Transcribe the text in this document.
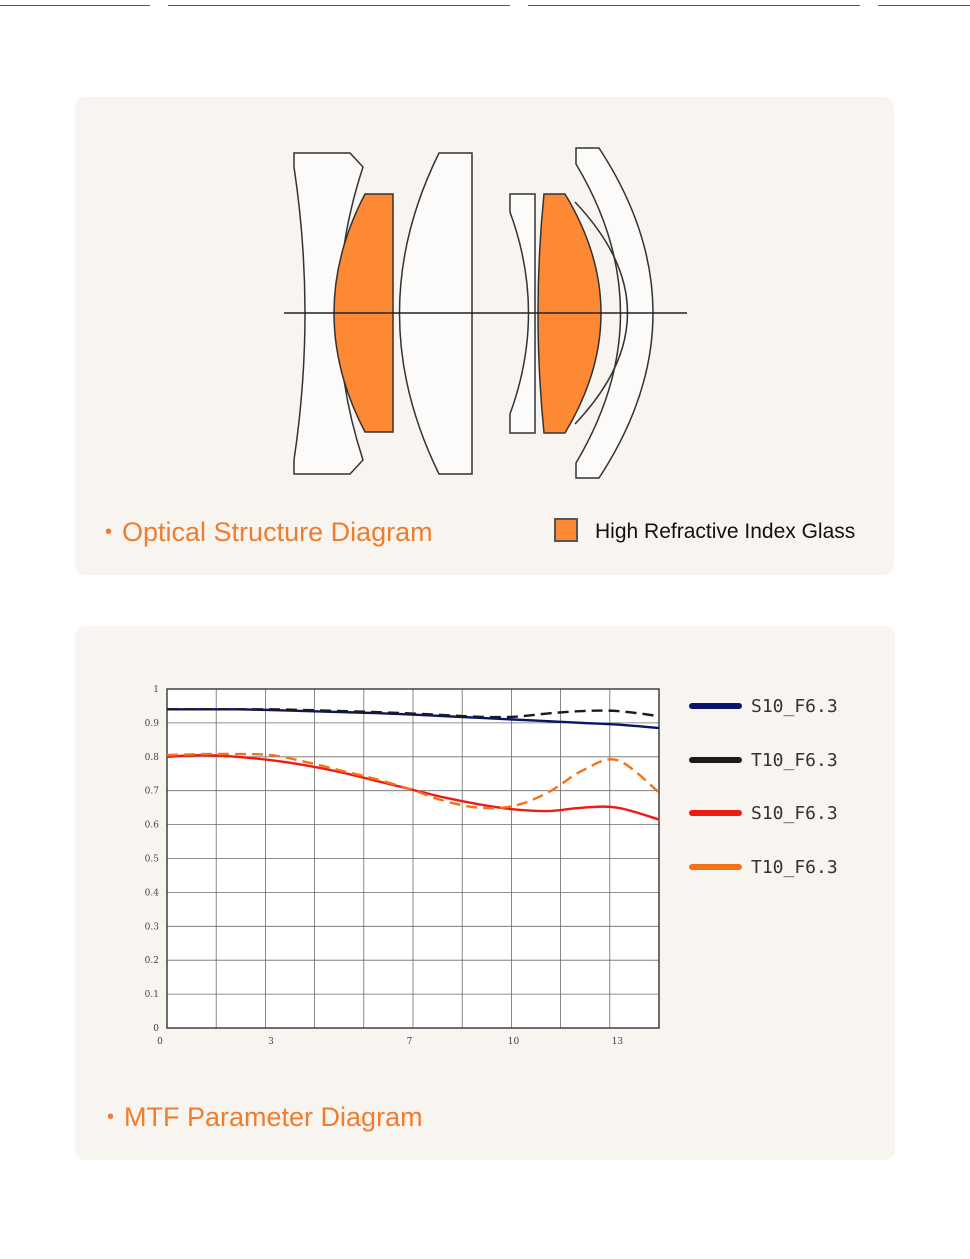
• Optical Structure Diagram	High Refractive Index Glass
0
0.1
0.2
0.3
0.4
0.5
0.6
0.7
0.8
0.9
1
0	3	7	10	13
S10_F6.3
T10_F6.3
S10_F6.3
T10_F6.3
• MTF Parameter Diagram
